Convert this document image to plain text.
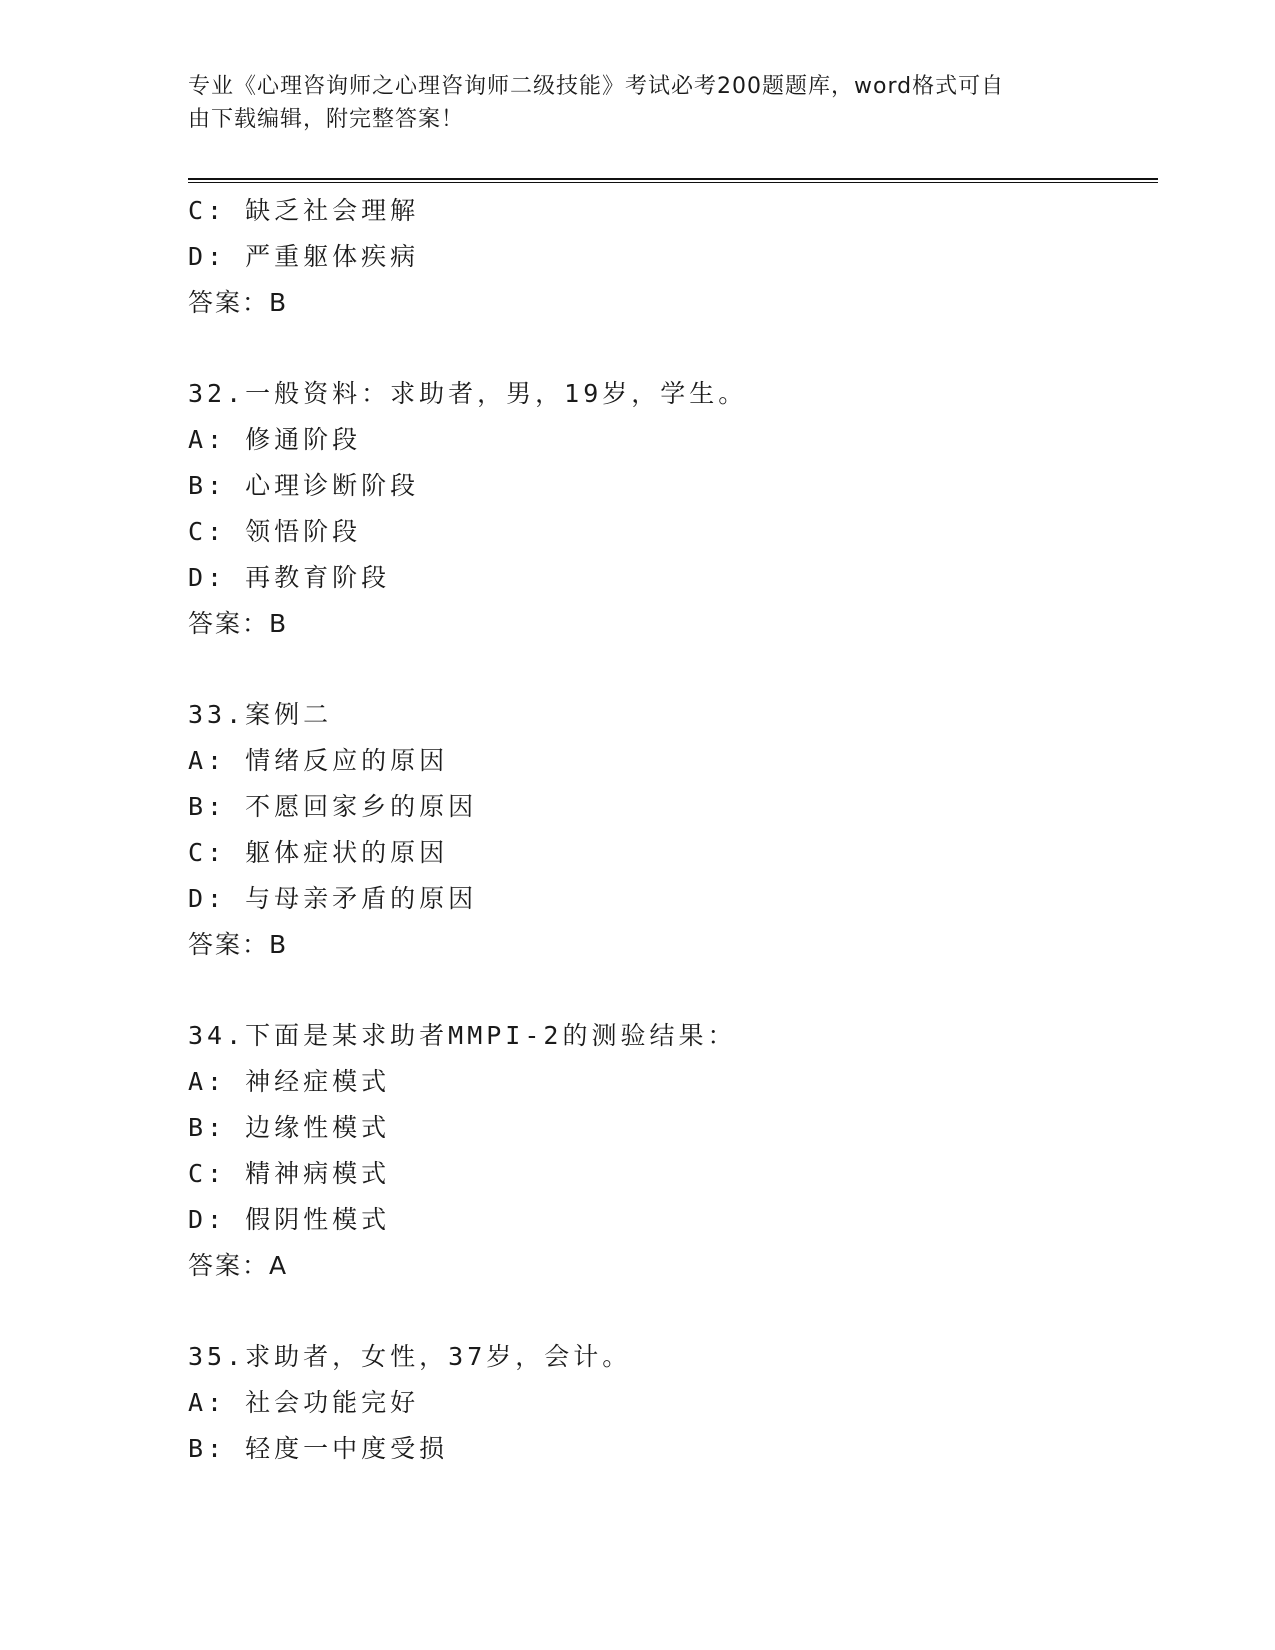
专业《心理咨询师之心理咨询师二级技能》考试必考200题题库，word格式可自
由下载编辑，附完整答案！
C: 缺乏社会理解
D: 严重躯体疾病
答案：B
32.一般资料：求助者，男，19岁，学生。
A: 修通阶段
B: 心理诊断阶段
C: 领悟阶段
D: 再教育阶段
答案：B
33.案例二
A: 情绪反应的原因
B: 不愿回家乡的原因
C: 躯体症状的原因
D: 与母亲矛盾的原因
答案：B
34.下面是某求助者MMPI-2的测验结果：
A: 神经症模式
B: 边缘性模式
C: 精神病模式
D: 假阴性模式
答案：A
35.求助者，女性，37岁，会计。
A: 社会功能完好
B: 轻度一中度受损
